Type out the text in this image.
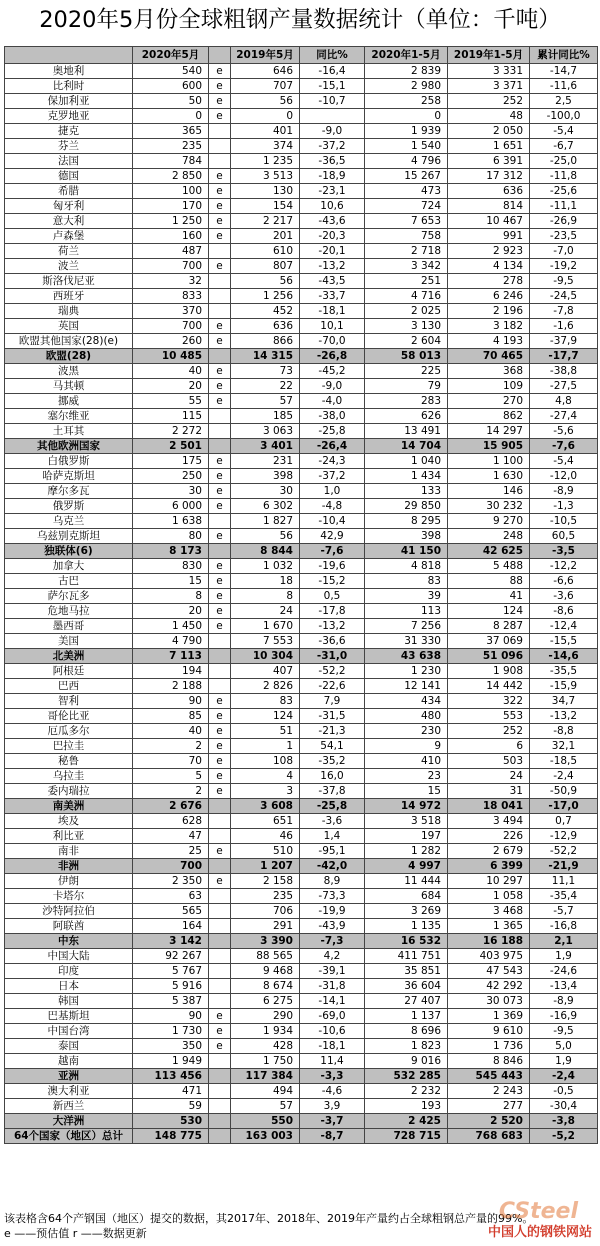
2020年5月份全球粗钢产量数据统计（单位：千吨）
	2020年5月		2019年5月	同比%	2020年1-5月	2019年1-5月	累计同比%
奥地利	540	e	646	-16,4	2 839	3 331	-14,7
比利时	600	e	707	-15,1	2 980	3 371	-11,6
保加利亚	50	e	56	-10,7	258	252	2,5
克罗地亚	0	e	0		0	48	-100,0
捷克	365		401	-9,0	1 939	2 050	-5,4
芬兰	235		374	-37,2	1 540	1 651	-6,7
法国	784		1 235	-36,5	4 796	6 391	-25,0
德国	2 850	e	3 513	-18,9	15 267	17 312	-11,8
希腊	100	e	130	-23,1	473	636	-25,6
匈牙利	170	e	154	10,6	724	814	-11,1
意大利	1 250	e	2 217	-43,6	7 653	10 467	-26,9
卢森堡	160	e	201	-20,3	758	991	-23,5
荷兰	487		610	-20,1	2 718	2 923	-7,0
波兰	700	e	807	-13,2	3 342	4 134	-19,2
斯洛伐尼亚	32		56	-43,5	251	278	-9,5
西班牙	833		1 256	-33,7	4 716	6 246	-24,5
瑞典	370		452	-18,1	2 025	2 196	-7,8
英国	700	e	636	10,1	3 130	3 182	-1,6
欧盟其他国家(28)(e)	260	e	866	-70,0	2 604	4 193	-37,9
欧盟(28)	10 485		14 315	-26,8	58 013	70 465	-17,7
波黑	40	e	73	-45,2	225	368	-38,8
马其顿	20	e	22	-9,0	79	109	-27,5
挪威	55	e	57	-4,0	283	270	4,8
塞尔维亚	115		185	-38,0	626	862	-27,4
土耳其	2 272		3 063	-25,8	13 491	14 297	-5,6
其他欧洲国家	2 501		3 401	-26,4	14 704	15 905	-7,6
白俄罗斯	175	e	231	-24,3	1 040	1 100	-5,4
哈萨克斯坦	250	e	398	-37,2	1 434	1 630	-12,0
摩尔多瓦	30	e	30	1,0	133	146	-8,9
俄罗斯	6 000	e	6 302	-4,8	29 850	30 232	-1,3
乌克兰	1 638		1 827	-10,4	8 295	9 270	-10,5
乌兹别克斯坦	80	e	56	42,9	398	248	60,5
独联体(6)	8 173		8 844	-7,6	41 150	42 625	-3,5
加拿大	830	e	1 032	-19,6	4 818	5 488	-12,2
古巴	15	e	18	-15,2	83	88	-6,6
萨尔瓦多	8	e	8	0,5	39	41	-3,6
危地马拉	20	e	24	-17,8	113	124	-8,6
墨西哥	1 450	e	1 670	-13,2	7 256	8 287	-12,4
美国	4 790		7 553	-36,6	31 330	37 069	-15,5
北美洲	7 113		10 304	-31,0	43 638	51 096	-14,6
阿根廷	194		407	-52,2	1 230	1 908	-35,5
巴西	2 188		2 826	-22,6	12 141	14 442	-15,9
智利	90	e	83	7,9	434	322	34,7
哥伦比亚	85	e	124	-31,5	480	553	-13,2
厄瓜多尔	40	e	51	-21,3	230	252	-8,8
巴拉圭	2	e	1	54,1	9	6	32,1
秘鲁	70	e	108	-35,2	410	503	-18,5
乌拉圭	5	e	4	16,0	23	24	-2,4
委内瑞拉	2	e	3	-37,8	15	31	-50,9
南美洲	2 676		3 608	-25,8	14 972	18 041	-17,0
埃及	628		651	-3,6	3 518	3 494	0,7
利比亚	47		46	1,4	197	226	-12,9
南非	25	e	510	-95,1	1 282	2 679	-52,2
非洲	700		1 207	-42,0	4 997	6 399	-21,9
伊朗	2 350	e	2 158	8,9	11 444	10 297	11,1
卡塔尔	63		235	-73,3	684	1 058	-35,4
沙特阿拉伯	565		706	-19,9	3 269	3 468	-5,7
阿联酋	164		291	-43,9	1 135	1 365	-16,8
中东	3 142		3 390	-7,3	16 532	16 188	2,1
中国大陆	92 267		88 565	4,2	411 751	403 975	1,9
印度	5 767		9 468	-39,1	35 851	47 543	-24,6
日本	5 916		8 674	-31,8	36 604	42 292	-13,4
韩国	5 387		6 275	-14,1	27 407	30 073	-8,9
巴基斯坦	90	e	290	-69,0	1 137	1 369	-16,9
中国台湾	1 730	e	1 934	-10,6	8 696	9 610	-9,5
泰国	350	e	428	-18,1	1 823	1 736	5,0
越南	1 949		1 750	11,4	9 016	8 846	1,9
亚洲	113 456		117 384	-3,3	532 285	545 443	-2,4
澳大利亚	471		494	-4,6	2 232	2 243	-0,5
新西兰	59		57	3,9	193	277	-30,4
大洋洲	530		550	-3,7	2 425	2 520	-3,8
64个国家（地区）总计	148 775		163 003	-8,7	728 715	768 683	-5,2
该表格含64个产钢国（地区）提交的数据，其2017年、2018年、2019年产量约占全球粗钢总产量的99%。
e ——预估值 r ——数据更新
CSteel
中国人的钢铁网站
